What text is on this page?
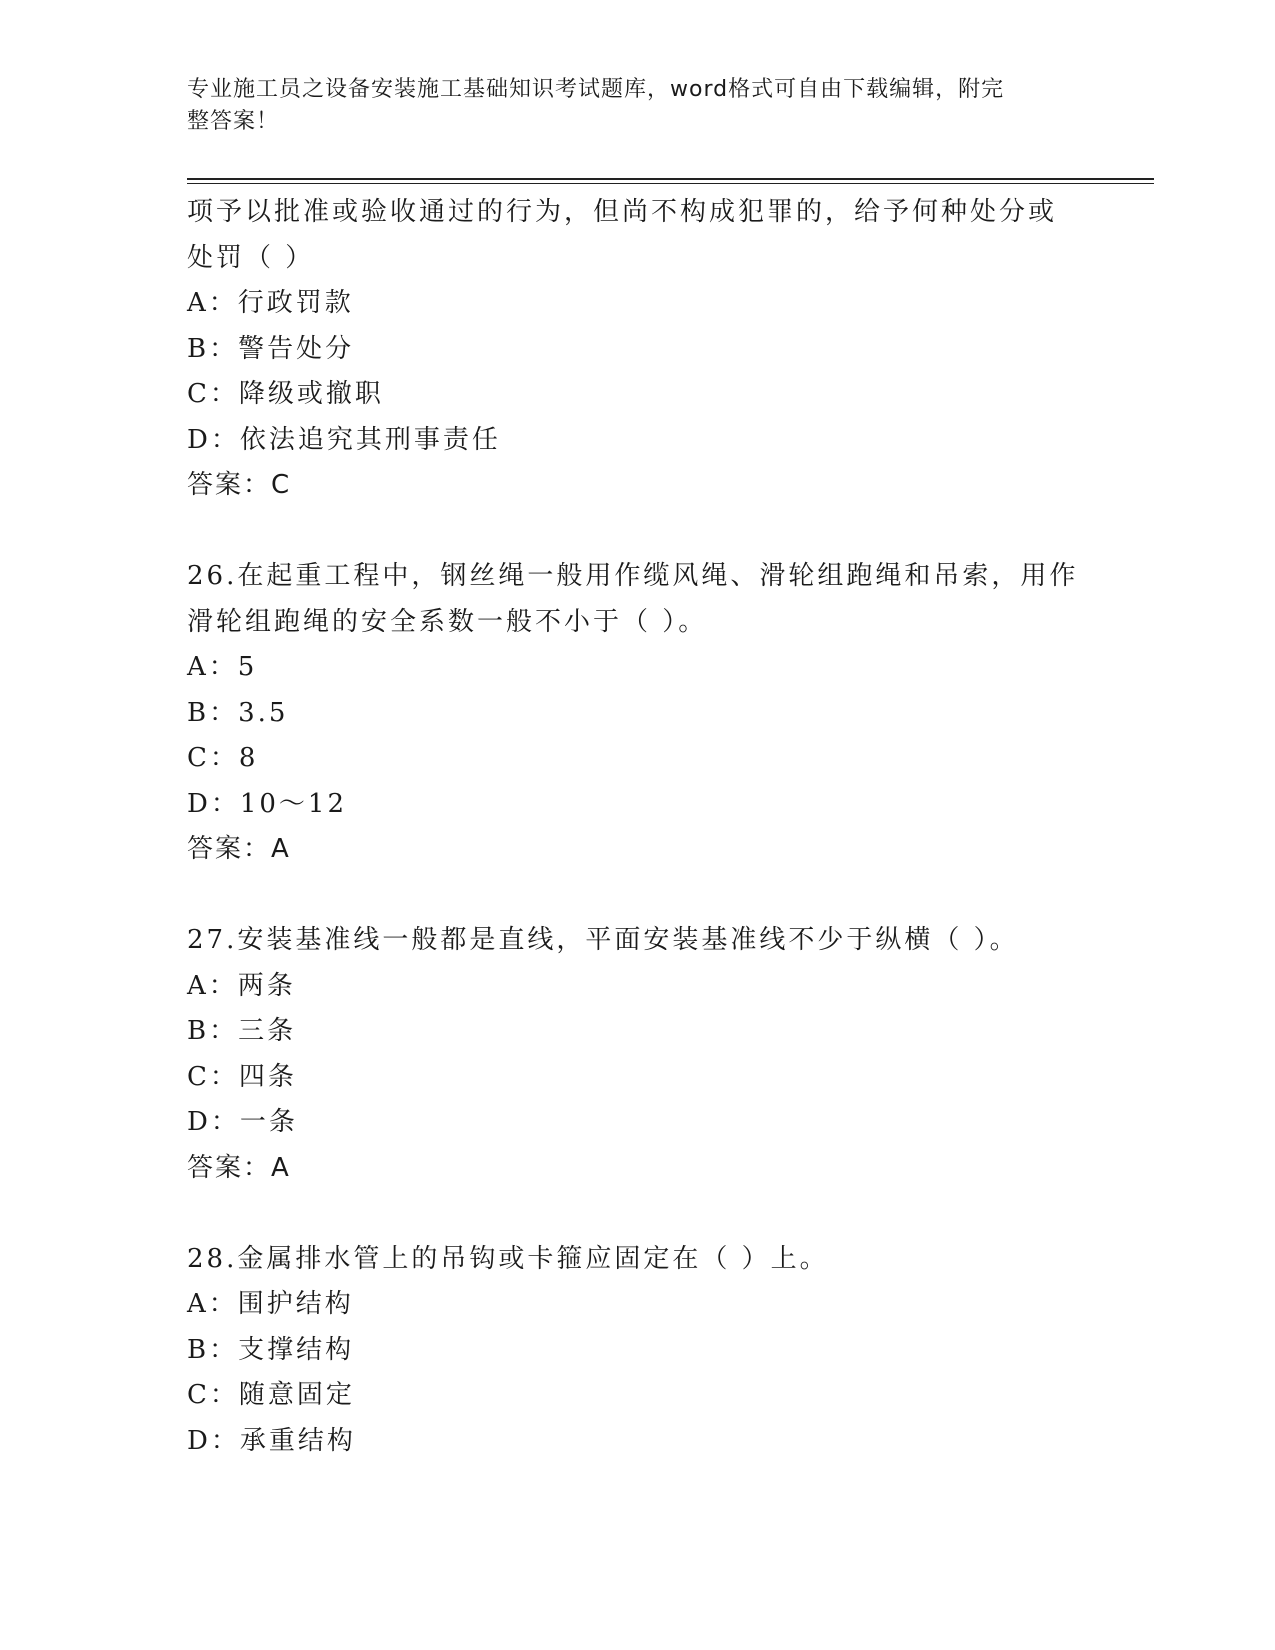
专业施工员之设备安装施工基础知识考试题库，word格式可自由下载编辑，附完
整答案！
项予以批准或验收通过的行为，但尚不构成犯罪的，给予何种处分或
处罚（ ）
A：行政罚款
B：警告处分
C：降级或撤职
D：依法追究其刑事责任
答案：C
26.在起重工程中，钢丝绳一般用作缆风绳、滑轮组跑绳和吊索，用作
滑轮组跑绳的安全系数一般不小于（ ）。
A：5
B：3.5
C：8
D：10～12
答案：A
27.安装基准线一般都是直线，平面安装基准线不少于纵横（ ）。
A：两条
B：三条
C：四条
D：一条
答案：A
28.金属排水管上的吊钩或卡箍应固定在（ ）上。
A：围护结构
B：支撑结构
C：随意固定
D：承重结构
